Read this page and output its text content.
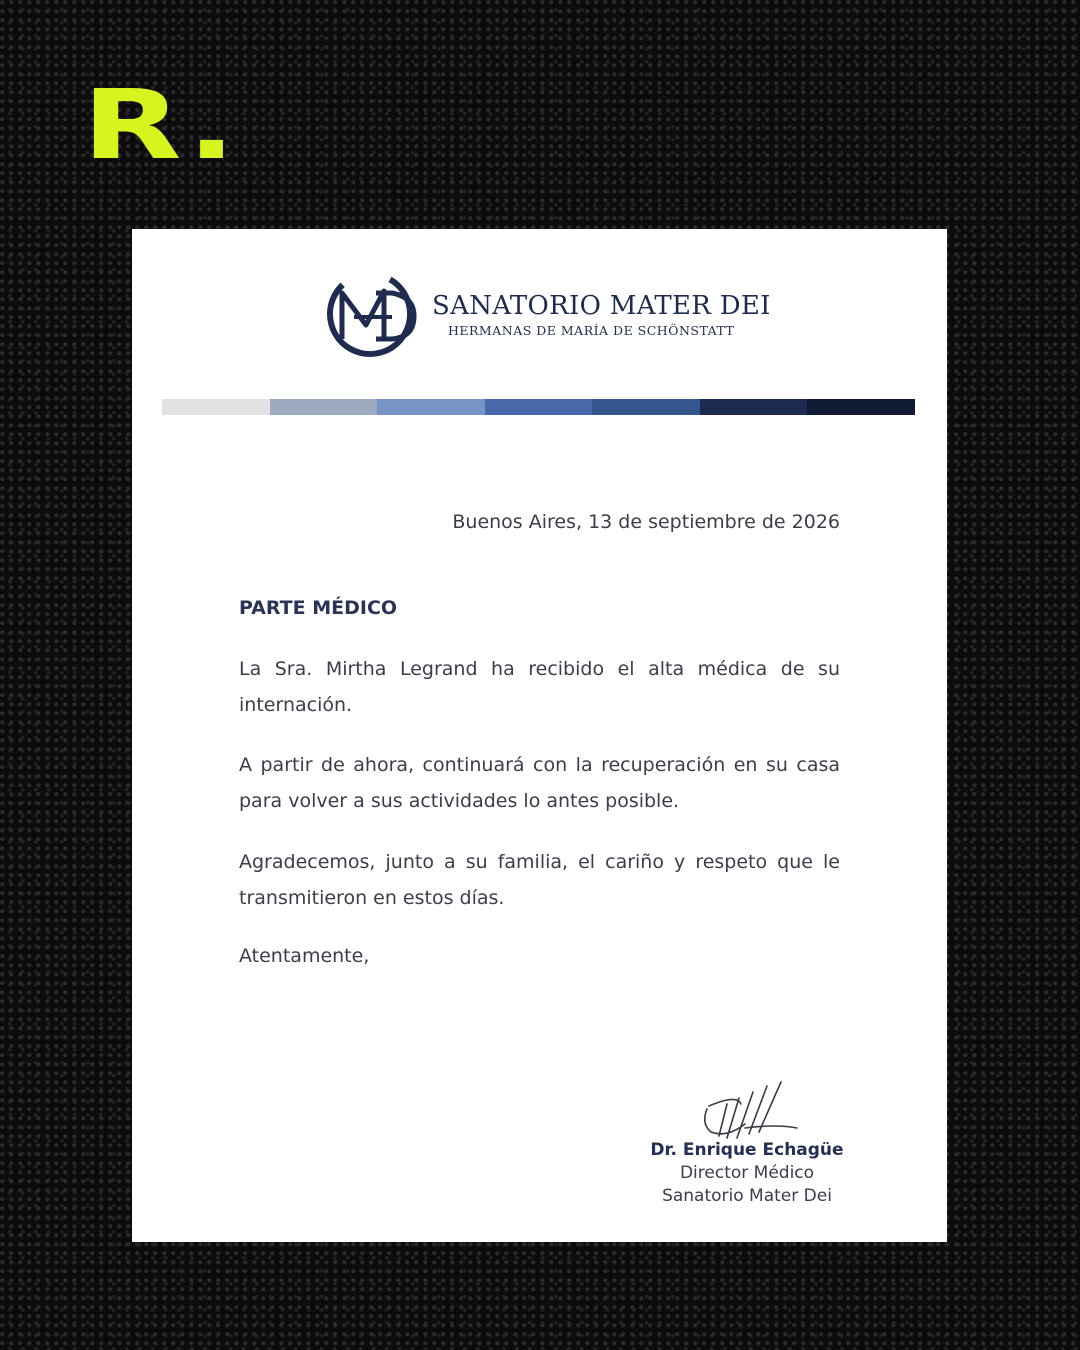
R.
SANATORIO MATER DEI
HERMANAS DE MARÍA DE SCHÖNSTATT
Buenos Aires, 13 de septiembre de 2026
PARTE MÉDICO

La Sra. Mirtha Legrand ha recibido el alta médica de su internación.

A partir de ahora, continuará con la recuperación en su casa para volver a sus actividades lo antes posible.

Agradecemos, junto a su familia, el cariño y respeto que le transmitieron en estos días.

Atentamente,
Dr. Enrique Echagüe
Director Médico
Sanatorio Mater Dei
